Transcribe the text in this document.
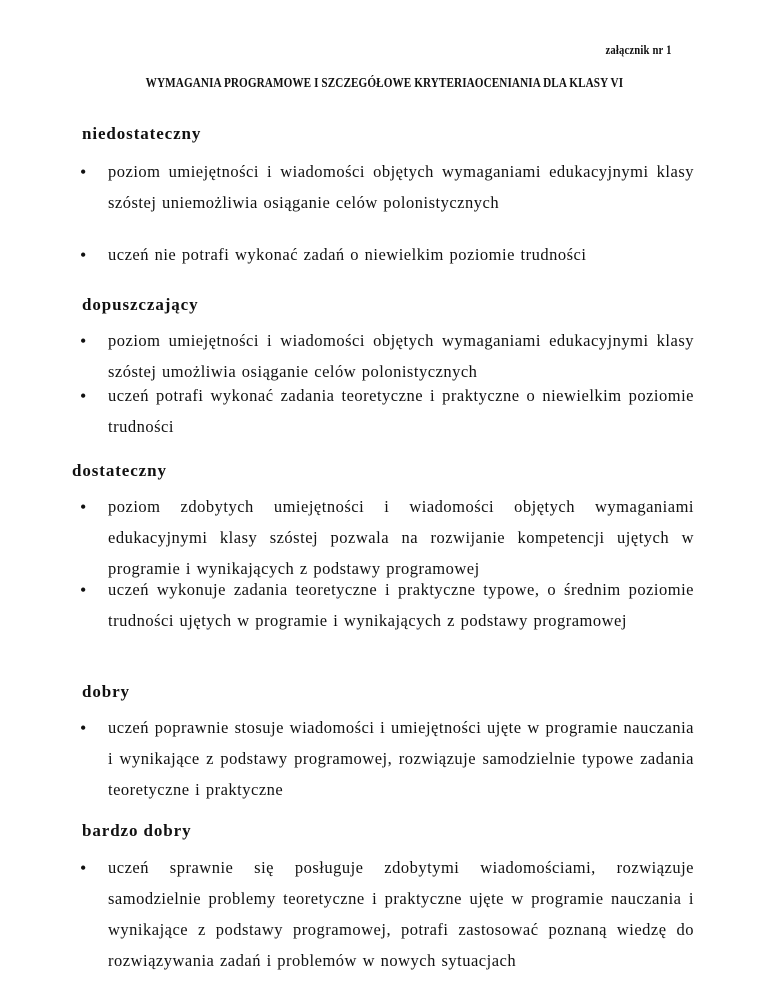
załącznik nr 1
WYMAGANIA PROGRAMOWE I SZCZEGÓŁOWE KRYTERIAOCENIANIA DLA KLASY VI
niedostateczny
• poziom umiejętności i wiadomości objętych wymaganiami edukacyjnymi klasy szóstej uniemożliwia osiąganie celów polonistycznych
• uczeń nie potrafi wykonać zadań o niewielkim poziomie trudności
dopuszczający
• poziom umiejętności i wiadomości objętych wymaganiami edukacyjnymi klasy szóstej umożliwia osiąganie celów polonistycznych
• uczeń potrafi wykonać zadania teoretyczne i praktyczne o niewielkim poziomie trudności
dostateczny
• poziom zdobytych umiejętności i wiadomości objętych wymaganiami edukacyjnymi klasy szóstej pozwala na rozwijanie kompetencji ujętych w programie i wynikających z podstawy programowej
• uczeń wykonuje zadania teoretyczne i praktyczne typowe, o średnim poziomie trudności ujętych w programie i wynikających z podstawy programowej
dobry
• uczeń poprawnie stosuje wiadomości i umiejętności ujęte w programie nauczania i wynikające z podstawy programowej, rozwiązuje samodzielnie typowe zadania teoretyczne i praktyczne
bardzo dobry
• uczeń sprawnie się posługuje zdobytymi wiadomościami, rozwiązuje samodzielnie problemy teoretyczne i praktyczne ujęte w programie nauczania i wynikające z podstawy programowej, potrafi zastosować poznaną wiedzę do rozwiązywania zadań i problemów w nowych sytuacjach
